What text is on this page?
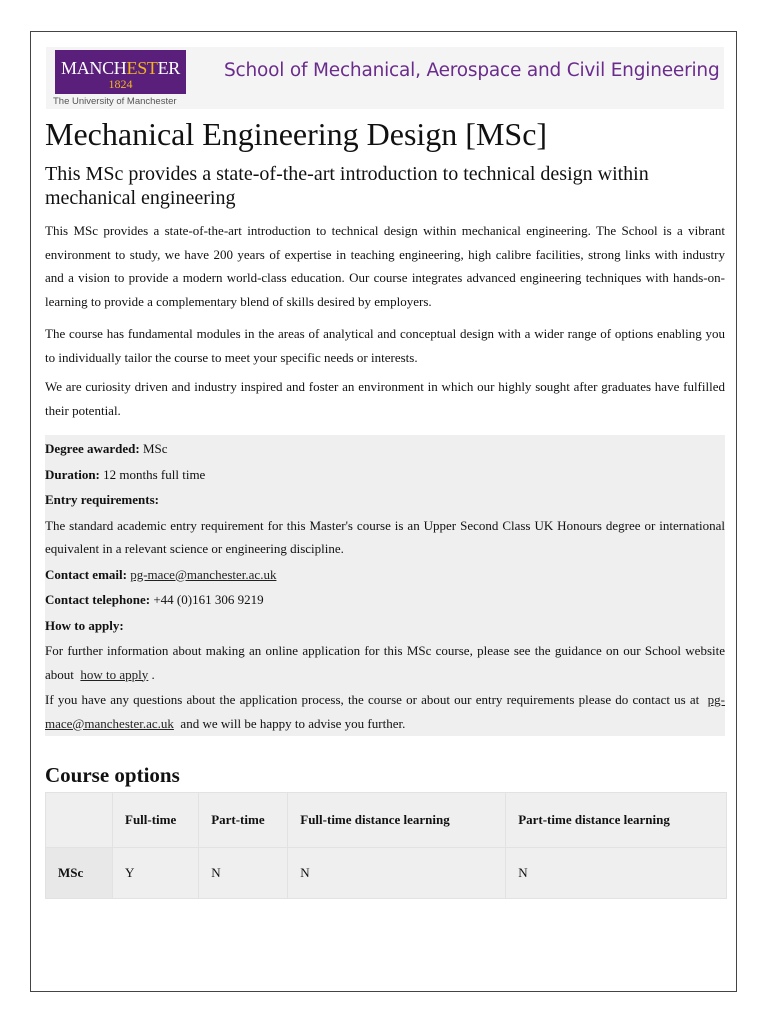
MANCHESTER
1824
The University of Manchester
School of Mechanical, Aerospace and Civil Engineering
Mechanical Engineering Design [MSc]

This MSc provides a state-of-the-art introduction to technical design within mechanical engineering

This MSc provides a state-of-the-art introduction to technical design within mechanical engineering. The School is a vibrant environment to study, we have 200 years of expertise in teaching engineering, high calibre facilities, strong links with industry and a vision to provide a modern world-class education. Our course integrates advanced engineering techniques with hands-on-learning to provide a complementary blend of skills desired by employers.

The course has fundamental modules in the areas of analytical and conceptual design with a wider range of options enabling you to individually tailor the course to meet your specific needs or interests.

We are curiosity driven and industry inspired and foster an environment in which our highly sought after graduates have fulfilled their potential.

Degree awarded: MSc

Duration: 12 months full time

Entry requirements:

The standard academic entry requirement for this Master's course is an Upper Second Class UK Honours degree or international equivalent in a relevant science or engineering discipline.

Contact email: pg-mace@manchester.ac.uk

Contact telephone: +44 (0)161 306 9219

How to apply:

For further information about making an online application for this MSc course, please see the guidance on our School website about how to apply .

If you have any questions about the application process, the course or about our entry requirements please do contact us at pg-mace@manchester.ac.uk and we will be happy to advise you further.

Course options
	Full-time	Part-time	Full-time distance learning	Part-time distance learning
MSc	Y	N	N	N
